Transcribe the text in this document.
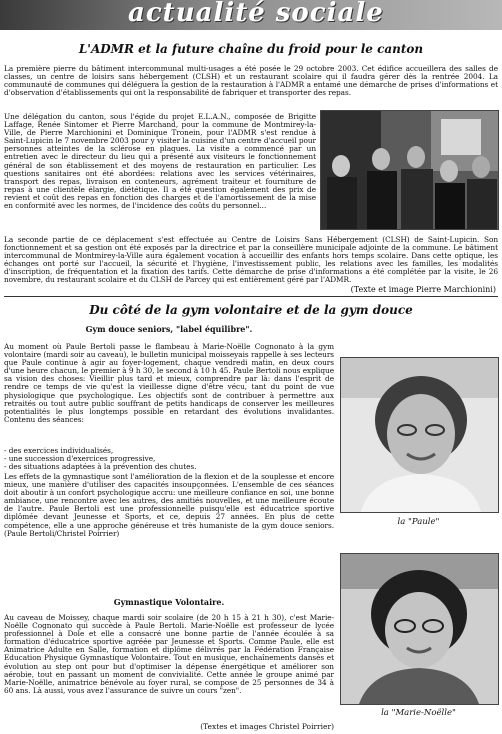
actualité sociale
L'ADMR et la future chaîne du froid pour le canton

La première pierre du bâtiment intercommunal multi-usages a été posée le 29 octobre 2003. Cet édifice accueillera des salles de classes, un centre de loisirs sans hébergement (CLSH) et un restaurant scolaire qui il faudra gérer dès la rentrée 2004. La communauté de communes qui déléguera la gestion de la restauration à l'ADMR a entamé une démarche de prises d'informations et d'observation d'établissements qui ont la responsabilité de fabriquer et transporter des repas.

Une délégation du canton, sous l'égide du projet E.L.A.N., composée de Brigitte Laffage, Renée Sintomer et Pierre Marchand, pour la commune de Montmirey-la-Ville, de Pierre Marchionini et Dominique Tronein, pour l'ADMR s'est rendue à Saint-Lupicin le 7 novembre 2003 pour y visiter la cuisine d'un centre d'accueil pour personnes atteintes de la sclérose en plaques. La visite a commencé par un entretien avec le directeur du lieu qui a présenté aux visiteurs le fonctionnement général de son établissement et des moyens de restauration en particulier. Les questions sanitaires ont été abordées: relations avec les services vétérinaires, transport des repas, livraison en conteneurs, agrément traiteur et fourniture de repas à une clientèle élargie, diététique. Il a été question également des prix de revient et coût des repas en fonction des charges et de l'amortissement de la mise en conformité avec les normes, de l'incidence des coûts du personnel...

La seconde partie de ce déplacement s'est effectuée au Centre de Loisirs Sans Hébergement (CLSH) de Saint-Lupicin. Son fonctionnement et sa gestion ont été exposés par la directrice et par la conseillère municipale adjointe de la commune. Le bâtiment intercommunal de Montmirey-la-Ville aura également vocation à accueillir des enfants hors temps scolaire. Dans cette optique, les échanges ont porté sur l'accueil, la sécurité et l'hygiène, l'investissement public, les relations avec les familles, les modalités d'inscription, de fréquentation et la fixation des tarifs. Cette démarche de prise d'informations a été complétée par la visite, le 26 novembre, du restaurant scolaire et du CLSH de Parcey qui est entièrement géré par l'ADMR.

(Texte et image Pierre Marchionini)
Du côté de la gym volontaire et de la gym douce
Gym douce seniors, "label équilibre".

Au moment où Paule Bertoli passe le flambeau à Marie-Noëlle Cognonato à la gym volontaire (mardi soir au caveau), le bulletin municipal moisseyais rappelle à ses lecteurs que Paule continue à agir au foyer-logement, chaque vendredi matin, en deux cours d'une heure chacun, le premier à 9 h 30, le second à 10 h 45. Paule Bertoli nous explique sa vision des choses: Vieillir plus tard et mieux, comprendre par là: dans l'esprit de rendre ce temps de vie qu'est la vieillesse digne d'être vécu, tant du point de vue physiologique que psychologique. Les objectifs sont de contribuer à permettre aux retraités ou tout autre public souffrant de petits handicaps de conserver les meilleures potentialités le plus longtemps possible en retardant des évolutions invalidantes. Contenu des séances:

- des exercices individualisés,
- une succession d'exercices progressive,
- des situations adaptées à la prévention des chutes.

Les effets de la gymnastique sont l'amélioration de la flexion et de la souplesse et encore mieux, une manière d'utiliser des capacités insoupçonnées. L'ensemble de ces séances doit aboutir à un confort psychologique accru: une meilleure confiance en soi, une bonne ambiance, une rencontre avec les autres, des amitiés nouvelles, et une meilleure écoute de l'autre. Paule Bertoli est une professionnelle puisqu'elle est éducatrice sportive diplômée devant Jeunesse et Sports, et ce, depuis 27 années. En plus de cette compétence, elle a une approche généreuse et très humaniste de la gym douce seniors. (Paule Bertoli/Christel Poirrier)

Gymnastique Volontaire.

Au caveau de Moissey, chaque mardi soir scolaire (de 20 h 15 à 21 h 30), c'est Marie-Noëlle Cognonato qui succède à Paule Bertoli. Marie-Noëlle est professeur de lycée professionnel à Dole et elle a consacré une bonne partie de l'année écoulée à sa formation d'éducatrice sportive agréée par Jeunesse et Sports. Comme Paule, elle est Animatrice Adulte en Salle, formation et diplôme délivrés par la Fédération Française Education Physique Gymnastique Volontaire. Tout en musique, enchaînements dansés et évolution au step ont pour but d'optimiser la dépense énergétique et améliorer son aérobie, tout en passant un moment de convivialité. Cette année le groupe animé par Marie-Noëlle, animatrice bénévole au foyer rural, se compose de 25 personnes de 34 à 60 ans. Là aussi, vous avez l'assurance de suivre un cours "zen".

(Textes et images Christel Poirrier)
la "Paule"
la "Marie-Noëlle"
